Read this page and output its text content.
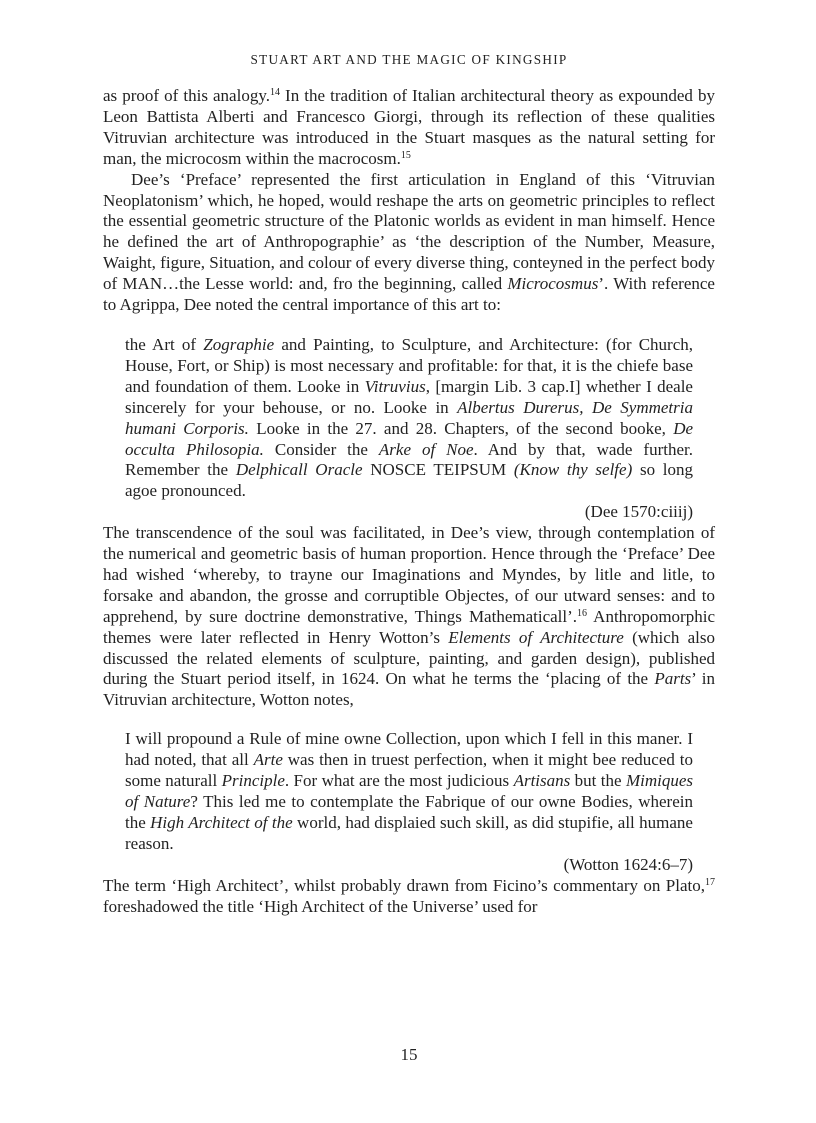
STUART ART AND THE MAGIC OF KINGSHIP

as proof of this analogy.$^{14}$ In the tradition of Italian architectural theory as expounded by Leon Battista Alberti and Francesco Giorgi, through its reflection of these qualities Vitruvian architecture was introduced in the Stuart masques as the natural setting for man, the microcosm within the macrocosm.$^{15}$

Dee’s ‘Preface’ represented the first articulation in England of this ‘Vitruvian Neoplatonism’ which, he hoped, would reshape the arts on geometric principles to reflect the essential geometric structure of the Platonic worlds as evident in man himself. Hence he defined the art of Anthropographie’ as ‘the description of the Number, Measure, Waight, figure, Situation, and colour of every diverse thing, conteyned in the perfect body of MAN…the Lesse world: and, fro the beginning, called Microcosmus’. With reference to Agrippa, Dee noted the central importance of this art to:

the Art of Zographie and Painting, to Sculpture, and Architecture: (for Church, House, Fort, or Ship) is most necessary and profitable: for that, it is the chiefe base and foundation of them. Looke in Vitruvius, [margin Lib. 3 cap.I] whether I deale sincerely for your behouse, or no. Looke in Albertus Durerus, De Symmetria humani Corporis. Looke in the 27. and 28. Chapters, of the second booke, De occulta Philosopia. Consider the Arke of Noe. And by that, wade further. Remember the Delphicall Oracle NOSCE TEIPSUM (Know thy selfe) so long agoe pronounced.
(Dee 1570:ciiij)

The transcendence of the soul was facilitated, in Dee’s view, through contemplation of the numerical and geometric basis of human proportion. Hence through the ‘Preface’ Dee had wished ‘whereby, to trayne our Imaginations and Myndes, by litle and litle, to forsake and abandon, the grosse and corruptible Objectes, of our utward senses: and to apprehend, by sure doctrine demonstrative, Things Mathematicall’.$^{16}$ Anthropomorphic themes were later reflected in Henry Wotton’s Elements of Architecture (which also discussed the related elements of sculpture, painting, and garden design), published during the Stuart period itself, in 1624. On what he terms the ‘placing of the Parts’ in Vitruvian architecture, Wotton notes,

I will propound a Rule of mine owne Collection, upon which I fell in this maner. I had noted, that all Arte was then in truest perfection, when it might bee reduced to some naturall Principle. For what are the most judicious Artisans but the Mimiques of Nature? This led me to contemplate the Fabrique of our owne Bodies, wherein the High Architect of the world, had displaied such skill, as did stupifie, all humane reason.
(Wotton 1624:6–7)

The term ‘High Architect’, whilst probably drawn from Ficino’s commentary on Plato,$^{17}$ foreshadowed the title ‘High Architect of the Universe’ used for

15
